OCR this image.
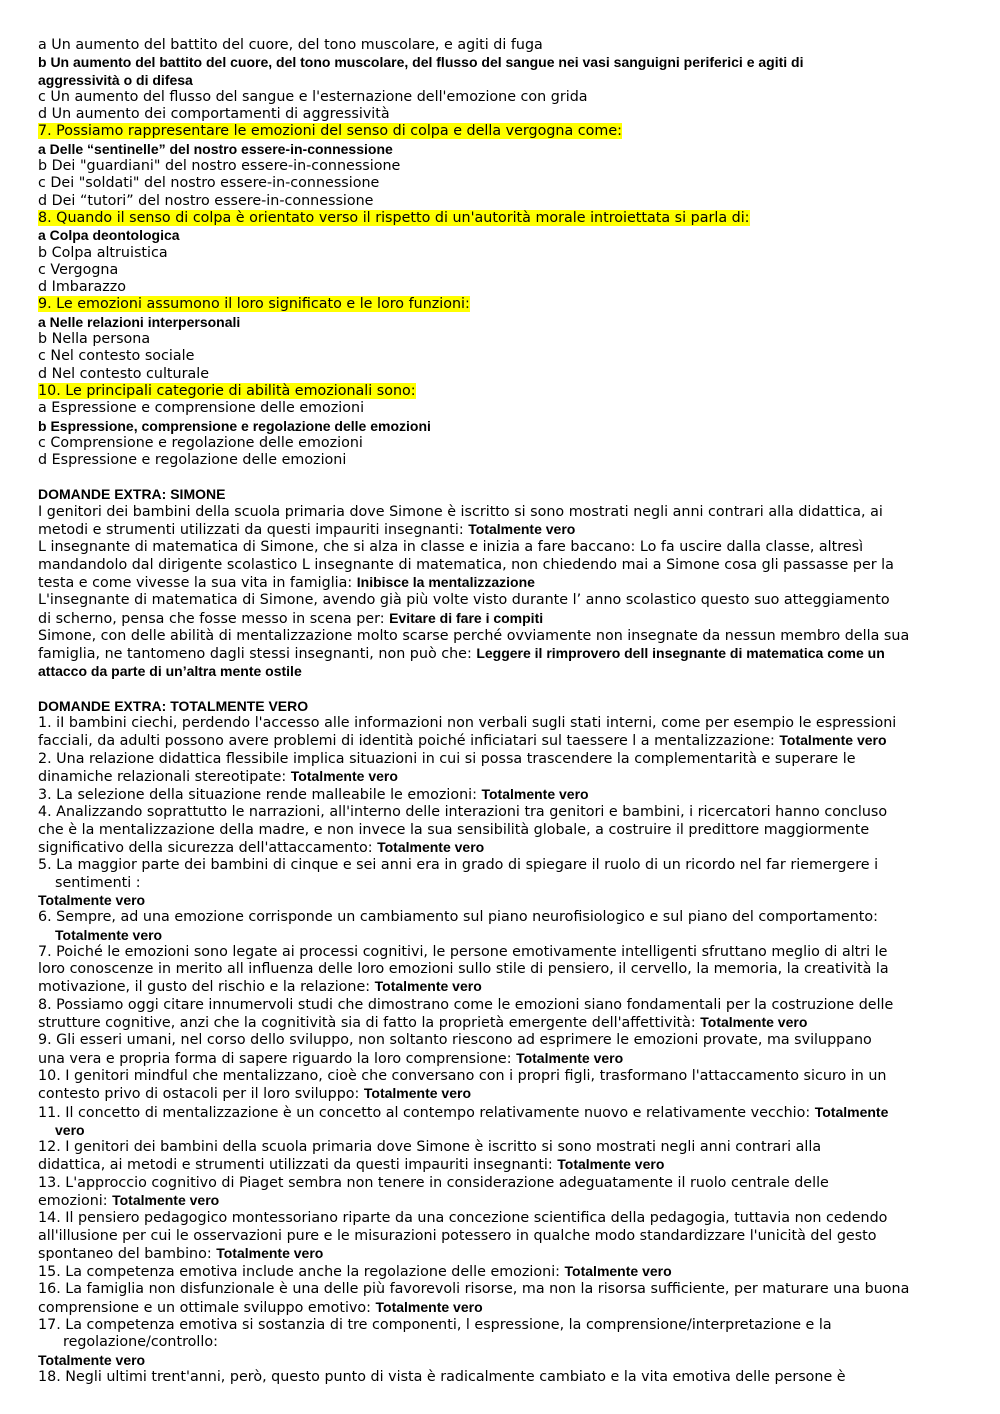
a Un aumento del battito del cuore, del tono muscolare, e agiti di fuga
b Un aumento del battito del cuore, del tono muscolare, del flusso del sangue nei vasi sanguigni periferici e agiti di
aggressività o di difesa
c Un aumento del flusso del sangue e l'esternazione dell'emozione con grida
d Un aumento dei comportamenti di aggressività
7. Possiamo rappresentare le emozioni del senso di colpa e della vergogna come:
a Delle “sentinelle” del nostro essere-in-connessione
b Dei "guardiani" del nostro essere-in-connessione
c Dei "soldati" del nostro essere-in-connessione
d Dei “tutori” del nostro essere-in-connessione
8. Quando il senso di colpa è orientato verso il rispetto di un'autorità morale introiettata si parla di:
a Colpa deontologica
b Colpa altruistica
c Vergogna
d Imbarazzo
9. Le emozioni assumono il loro significato e le loro funzioni:
a Nelle relazioni interpersonali
b Nella persona
c Nel contesto sociale
d Nel contesto culturale
10. Le principali categorie di abilità emozionali sono:
a Espressione e comprensione delle emozioni
b Espressione, comprensione e regolazione delle emozioni
c Comprensione e regolazione delle emozioni
d Espressione e regolazione delle emozioni
DOMANDE EXTRA: SIMONE
I genitori dei bambini della scuola primaria dove Simone è iscritto si sono mostrati negli anni contrari alla didattica, ai
metodi e strumenti utilizzati da questi impauriti insegnanti: Totalmente vero
L insegnante di matematica di Simone, che si alza in classe e inizia a fare baccano: Lo fa uscire dalla classe, altresì
mandandolo dal dirigente scolastico L insegnante di matematica, non chiedendo mai a Simone cosa gli passasse per la
testa e come vivesse la sua vita in famiglia: Inibisce la mentalizzazione
L'insegnante di matematica di Simone, avendo già più volte visto durante l’ anno scolastico questo suo atteggiamento
di scherno, pensa che fosse messo in scena per: Evitare di fare i compiti
Simone, con delle abilità di mentalizzazione molto scarse perché ovviamente non insegnate da nessun membro della sua
famiglia, ne tantomeno dagli stessi insegnanti, non può che: Leggere il rimprovero dell insegnante di matematica come un
attacco da parte di un’altra mente ostile
DOMANDE EXTRA: TOTALMENTE VERO
1. iI bambini ciechi, perdendo l'accesso alle informazioni non verbali sugli stati interni, come per esempio le espressioni
facciali, da adulti possono avere problemi di identità poiché inficiatari sul taessere l a mentalizzazione: Totalmente vero
2. Una relazione didattica flessibile implica situazioni in cui si possa trascendere la complementarità e superare le
dinamiche relazionali stereotipate: Totalmente vero
3. La selezione della situazione rende malleabile le emozioni: Totalmente vero
4. Analizzando soprattutto le narrazioni, all'interno delle interazioni tra genitori e bambini, i ricercatori hanno concluso
che è la mentalizzazione della madre, e non invece la sua sensibilità globale, a costruire il predittore maggiormente
significativo della sicurezza dell'attaccamento: Totalmente vero
5. La maggior parte dei bambini di cinque e sei anni era in grado di spiegare il ruolo di un ricordo nel far riemergere i
sentimenti :
Totalmente vero
6. Sempre, ad una emozione corrisponde un cambiamento sul piano neurofisiologico e sul piano del comportamento:
Totalmente vero
7. Poiché le emozioni sono legate ai processi cognitivi, le persone emotivamente intelligenti sfruttano meglio di altri le
loro conoscenze in merito all influenza delle loro emozioni sullo stile di pensiero, il cervello, la memoria, la creatività la
motivazione, il gusto del rischio e la relazione: Totalmente vero
8. Possiamo oggi citare innumervoli studi che dimostrano come le emozioni siano fondamentali per la costruzione delle
strutture cognitive, anzi che la cognitività sia di fatto la proprietà emergente dell'affettività: Totalmente vero
9. Gli esseri umani, nel corso dello sviluppo, non soltanto riescono ad esprimere le emozioni provate, ma sviluppano
una vera e propria forma di sapere riguardo la loro comprensione: Totalmente vero
10. I genitori mindful che mentalizzano, cioè che conversano con i propri figli, trasformano l'attaccamento sicuro in un
contesto privo di ostacoli per il loro sviluppo: Totalmente vero
11. Il concetto di mentalizzazione è un concetto al contempo relativamente nuovo e relativamente vecchio: Totalmente
vero
12. I genitori dei bambini della scuola primaria dove Simone è iscritto si sono mostrati negli anni contrari alla
didattica, ai metodi e strumenti utilizzati da questi impauriti insegnanti: Totalmente vero
13. L'approccio cognitivo di Piaget sembra non tenere in considerazione adeguatamente il ruolo centrale delle
emozioni: Totalmente vero
14. Il pensiero pedagogico montessoriano riparte da una concezione scientifica della pedagogia, tuttavia non cedendo
all'illusione per cui le osservazioni pure e le misurazioni potessero in qualche modo standardizzare l'unicità del gesto
spontaneo del bambino: Totalmente vero
15. La competenza emotiva include anche la regolazione delle emozioni: Totalmente vero
16. La famiglia non disfunzionale è una delle più favorevoli risorse, ma non la risorsa sufficiente, per maturare una buona
comprensione e un ottimale sviluppo emotivo: Totalmente vero
17. La competenza emotiva si sostanzia di tre componenti, l espressione, la comprensione/interpretazione e la
regolazione/controllo:
Totalmente vero
18. Negli ultimi trent'anni, però, questo punto di vista è radicalmente cambiato e la vita emotiva delle persone è
